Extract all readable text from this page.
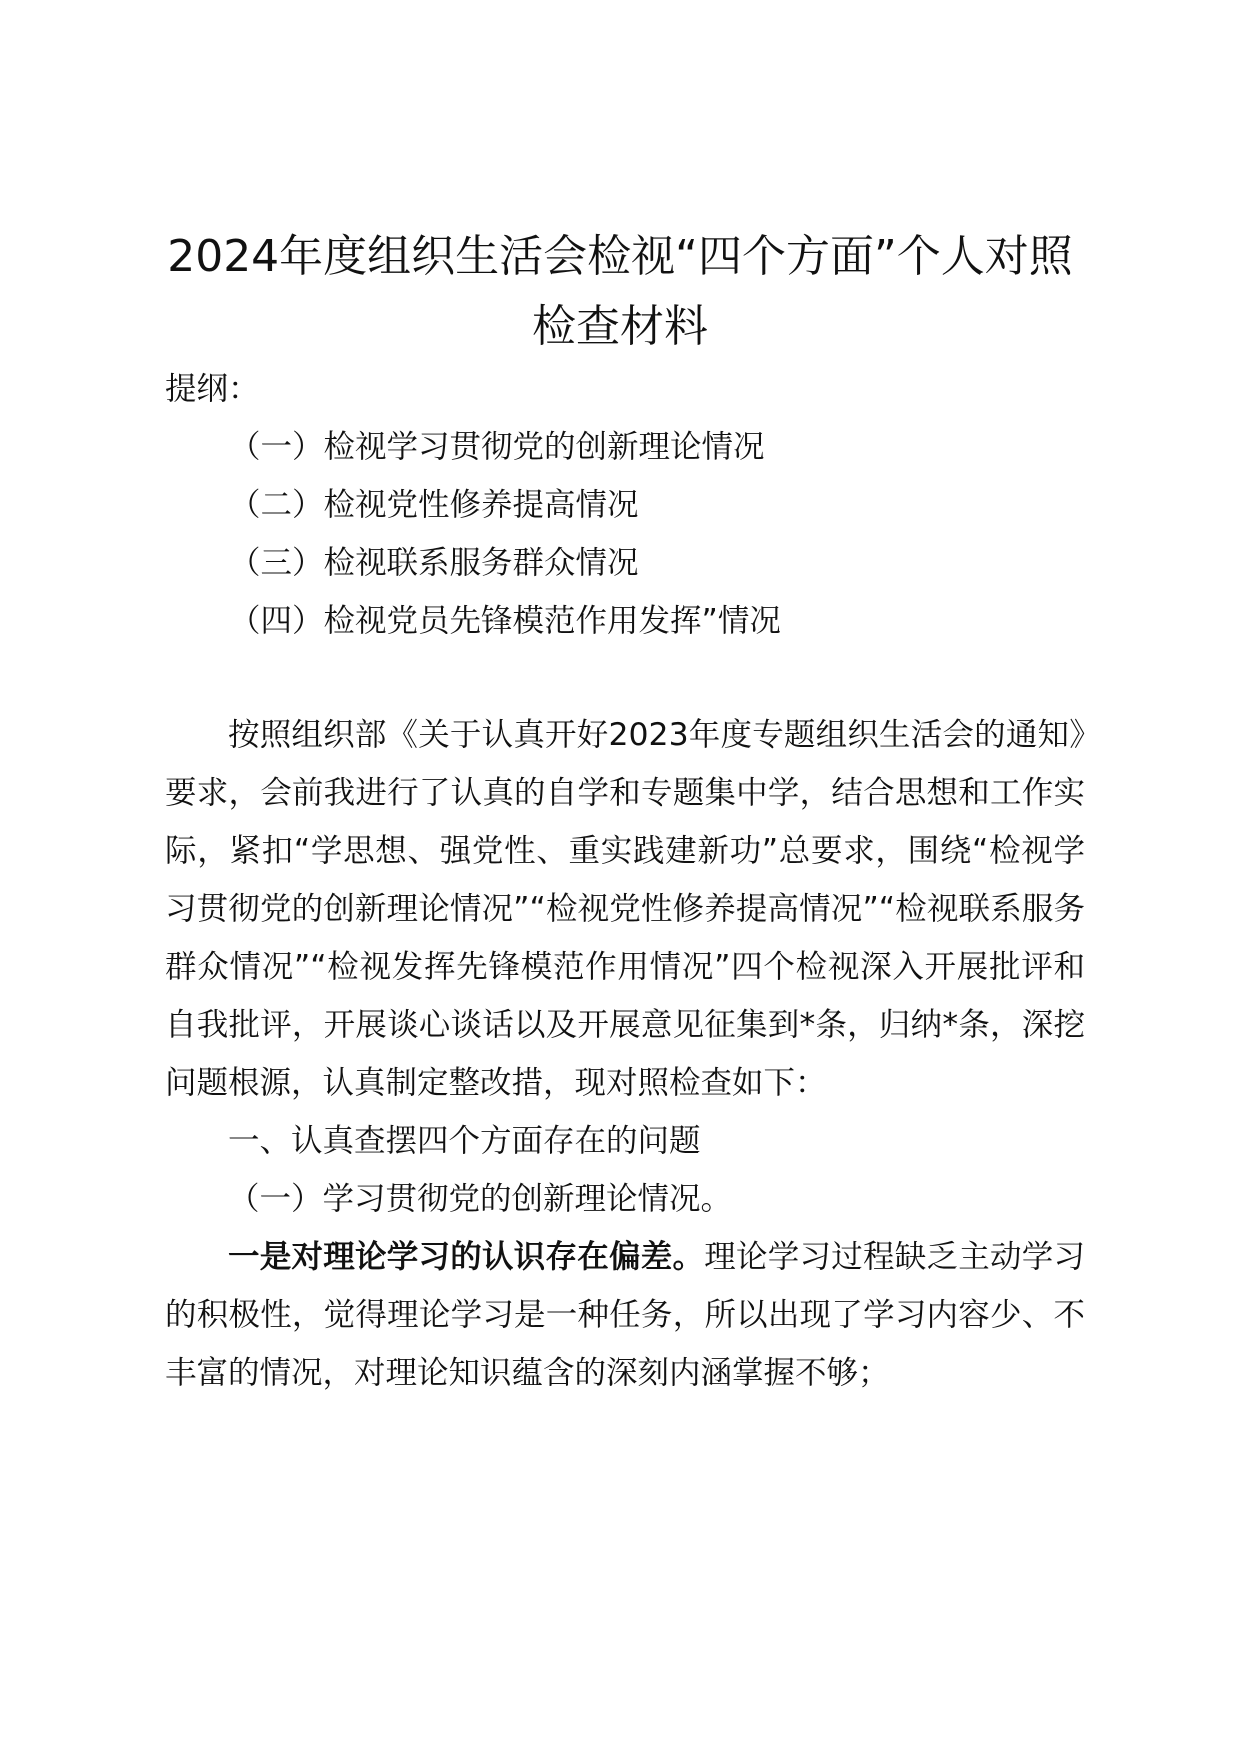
2024年度组织生活会检视“四个方面”个人对照检查材料

提纲：

（一）检视学习贯彻党的创新理论情况

（二）检视党性修养提高情况

（三）检视联系服务群众情况

（四）检视党员先锋模范作用发挥”情况

按照组织部《关于认真开好2023年度专题组织生活会的通知》要求，会前我进行了认真的自学和专题集中学，结合思想和工作实际，紧扣“学思想、强党性、重实践建新功”总要求，围绕“检视学习贯彻党的创新理论情况”“检视党性修养提高情况”“检视联系服务群众情况”“检视发挥先锋模范作用情况”四个检视深入开展批评和自我批评，开展谈心谈话以及开展意见征集到*条，归纳*条，深挖问题根源，认真制定整改措，现对照检查如下：

一、认真查摆四个方面存在的问题

（一）学习贯彻党的创新理论情况。

一是对理论学习的认识存在偏差。理论学习过程缺乏主动学习的积极性，觉得理论学习是一种任务，所以出现了学习内容少、不丰富的情况，对理论知识蕴含的深刻内涵掌握不够；
